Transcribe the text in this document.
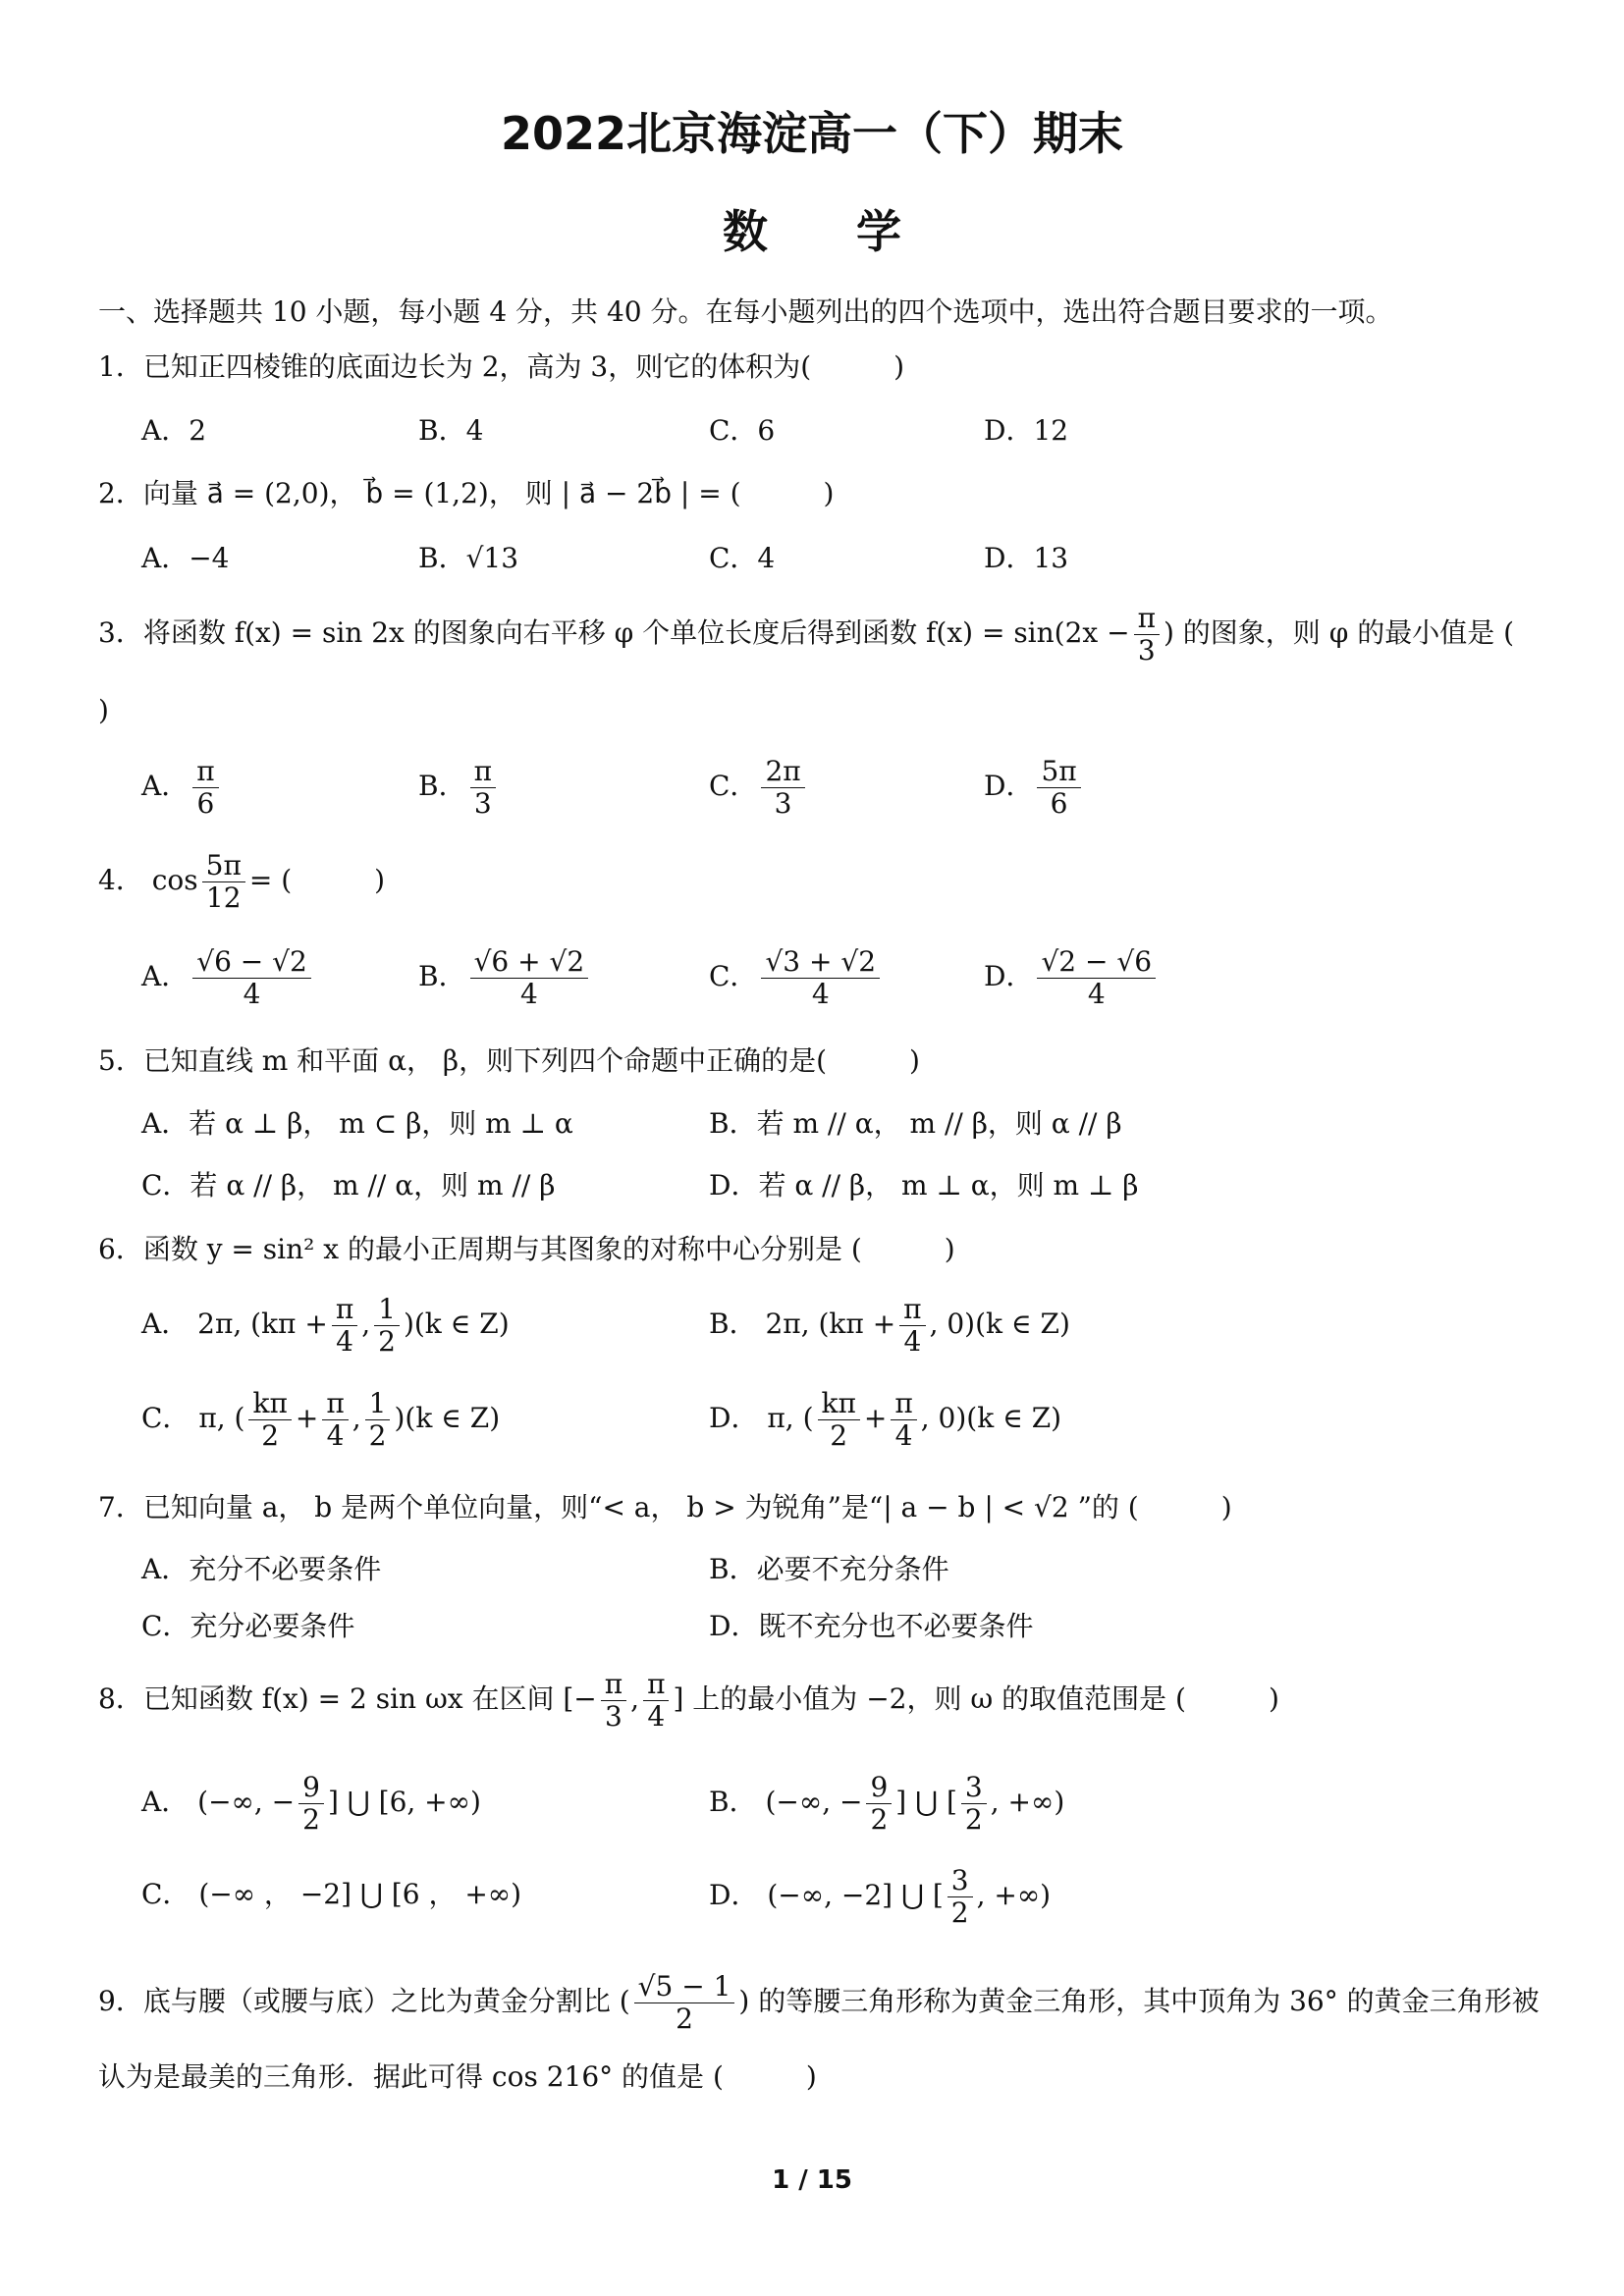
2022北京海淀高一（下）期末
数学
一、选择题共 10 小题，每小题 4 分，共 40 分。在每小题列出的四个选项中，选出符合题目要求的一项。
1．已知正四棱锥的底面边长为 2，高为 3，则它的体积为(　　　)
A．2	B．4	C．6	D．12
2．向量 a⃗ = (2,0)， b⃗ = (1,2)， 则 | a⃗ − 2b⃗ | = (　　　)
A．−4	B．√13	C．4	D．13
3．将函数 f(x) = sin 2x 的图象向右平移 φ 个单位长度后得到函数 $f(x) = \sin(2x - \frac{\pi}{3}$ ) 的图象，则 φ 的最小值是 (
)
A． $\frac{\pi}{6}$	B． $\frac{\pi}{3}$	C． $\frac{2\pi}{3}$	D． $\frac{5\pi}{6}$
4． $\cos \frac{5\pi}{12}$ = (　　　)
A． $\frac{√6 - √2}{4}$	B． $\frac{√6 + √2}{4}$	C． $\frac{√3 + √2}{4}$	D． $\frac{√2 - √6}{4}$
5．已知直线 m 和平面 α， β，则下列四个命题中正确的是(　　　)
A．若 α ⊥ β， m ⊂ β，则 m ⊥ α	B．若 m // α， m // β，则 α // β
C．若 α // β， m // α，则 m // β	D．若 α // β， m ⊥ α，则 m ⊥ β
6．函数 y = sin² x 的最小正周期与其图象的对称中心分别是 (　　　)
A． 2π, ($k\pi + \frac{\pi}{4}$ , $\frac{1}{2} )(k$ ∈ Z)	B． 2π, ($k\pi + \frac{\pi}{4}$ , 0)(k ∈ Z)
C． π, ( $\frac{k\pi}{2} + \frac{\pi}{4}$ , $\frac{1}{2} )(k$ ∈ Z)	D． π, ( $\frac{k\pi}{2} + \frac{\pi}{4}$ , 0)(k ∈ Z)
7．已知向量 a， b 是两个单位向量，则“< a， b > 为锐角”是“| a − b | < √2 ”的 (　　　)
A．充分不必要条件	B．必要不充分条件
C．充分必要条件	D．既不充分也不必要条件
8．已知函数 f(x) = 2 sin ωx 在区间 [− $\frac{\pi}{3}$ , $\frac{\pi}{4}$ ] 上的最小值为 −2，则 ω 的取值范围是 (　　　)
A． (−∞, − $\frac{9}{2}$ ] ⋃ [6, +∞)	B． (−∞, − $\frac{9}{2}$ ] ⋃ [ $\frac{3}{2}$ , +∞)
C． (−∞ ， −2] ⋃ [6 ， +∞)	D． (−∞, −2] ⋃ [ $\frac{3}{2}$ , +∞)
9．底与腰（或腰与底）之比为黄金分割比 ( $\frac{√5 - 1}{2}$ ) 的等腰三角形称为黄金三角形，其中顶角为 36° 的黄金三角形被
认为是最美的三角形．据此可得 cos 216° 的值是 (　　　)
1 / 15
